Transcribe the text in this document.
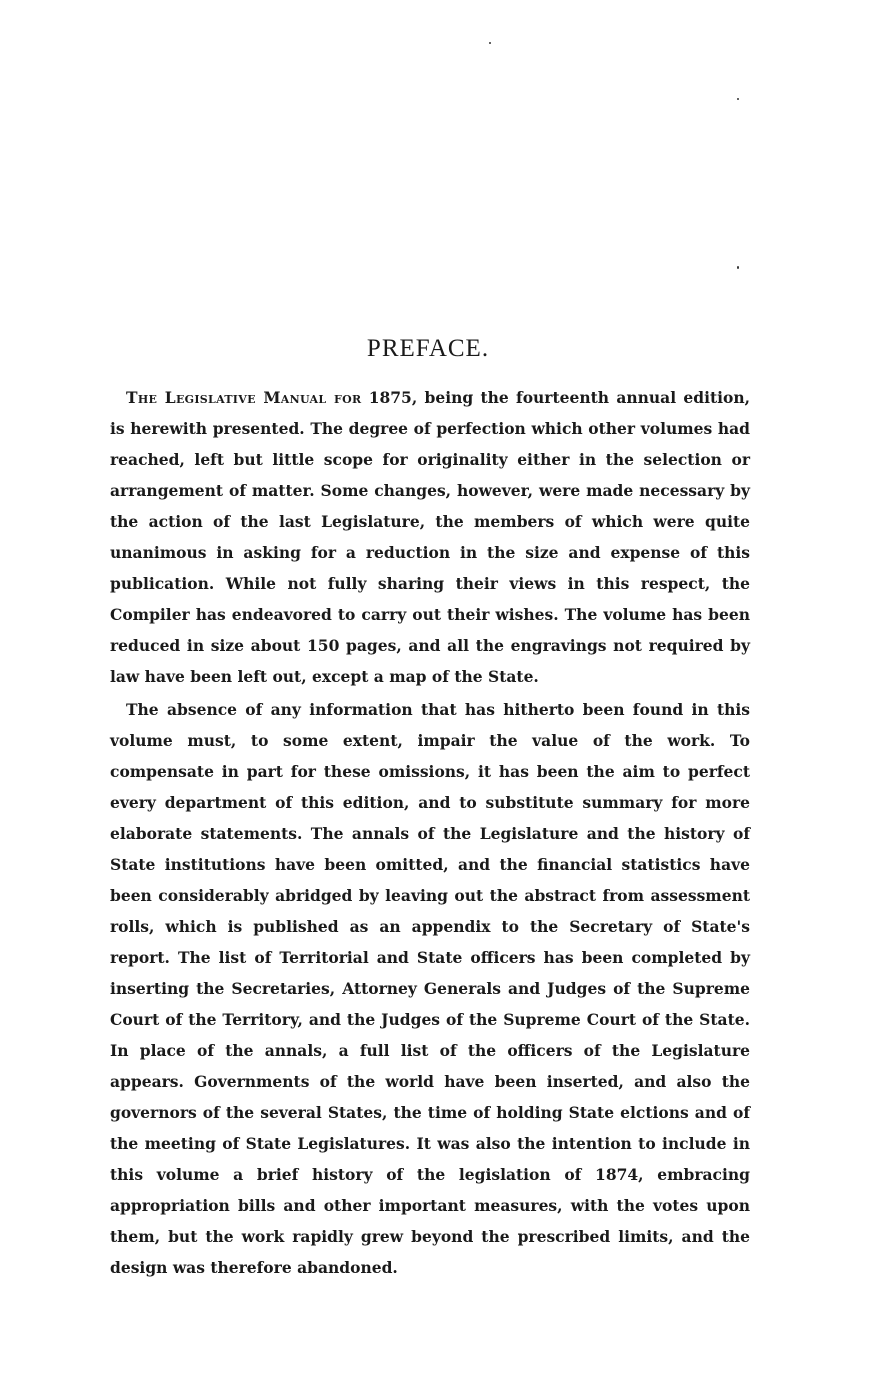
PREFACE.

The Legislative Manual for 1875, being the fourteenth annual edition, is herewith presented. The degree of perfection which other volumes had reached, left but little scope for originality either in the selection or arrangement of matter. Some changes, however, were made necessary by the action of the last Legislature, the members of which were quite unanimous in asking for a reduction in the size and expense of this publication. While not fully sharing their views in this respect, the Compiler has endeavored to carry out their wishes. The volume has been reduced in size about 150 pages, and all the engravings not required by law have been left out, except a map of the State.

The absence of any information that has hitherto been found in this volume must, to some extent, impair the value of the work. To compensate in part for these omissions, it has been the aim to perfect every department of this edition, and to substitute summary for more elaborate statements. The annals of the Legislature and the history of State institutions have been omitted, and the financial statistics have been considerably abridged by leaving out the abstract from assessment rolls, which is published as an appendix to the Secretary of State's report. The list of Territorial and State officers has been completed by inserting the Secretaries, Attorney Generals and Judges of the Supreme Court of the Territory, and the Judges of the Supreme Court of the State. In place of the annals, a full list of the officers of the Legislature appears. Governments of the world have been inserted, and also the governors of the several States, the time of holding State elctions and of the meeting of State Legislatures. It was also the intention to include in this volume a brief history of the legislation of 1874, embracing appropriation bills and other important measures, with the votes upon them, but the work rapidly grew beyond the prescribed limits, and the design was therefore abandoned.
